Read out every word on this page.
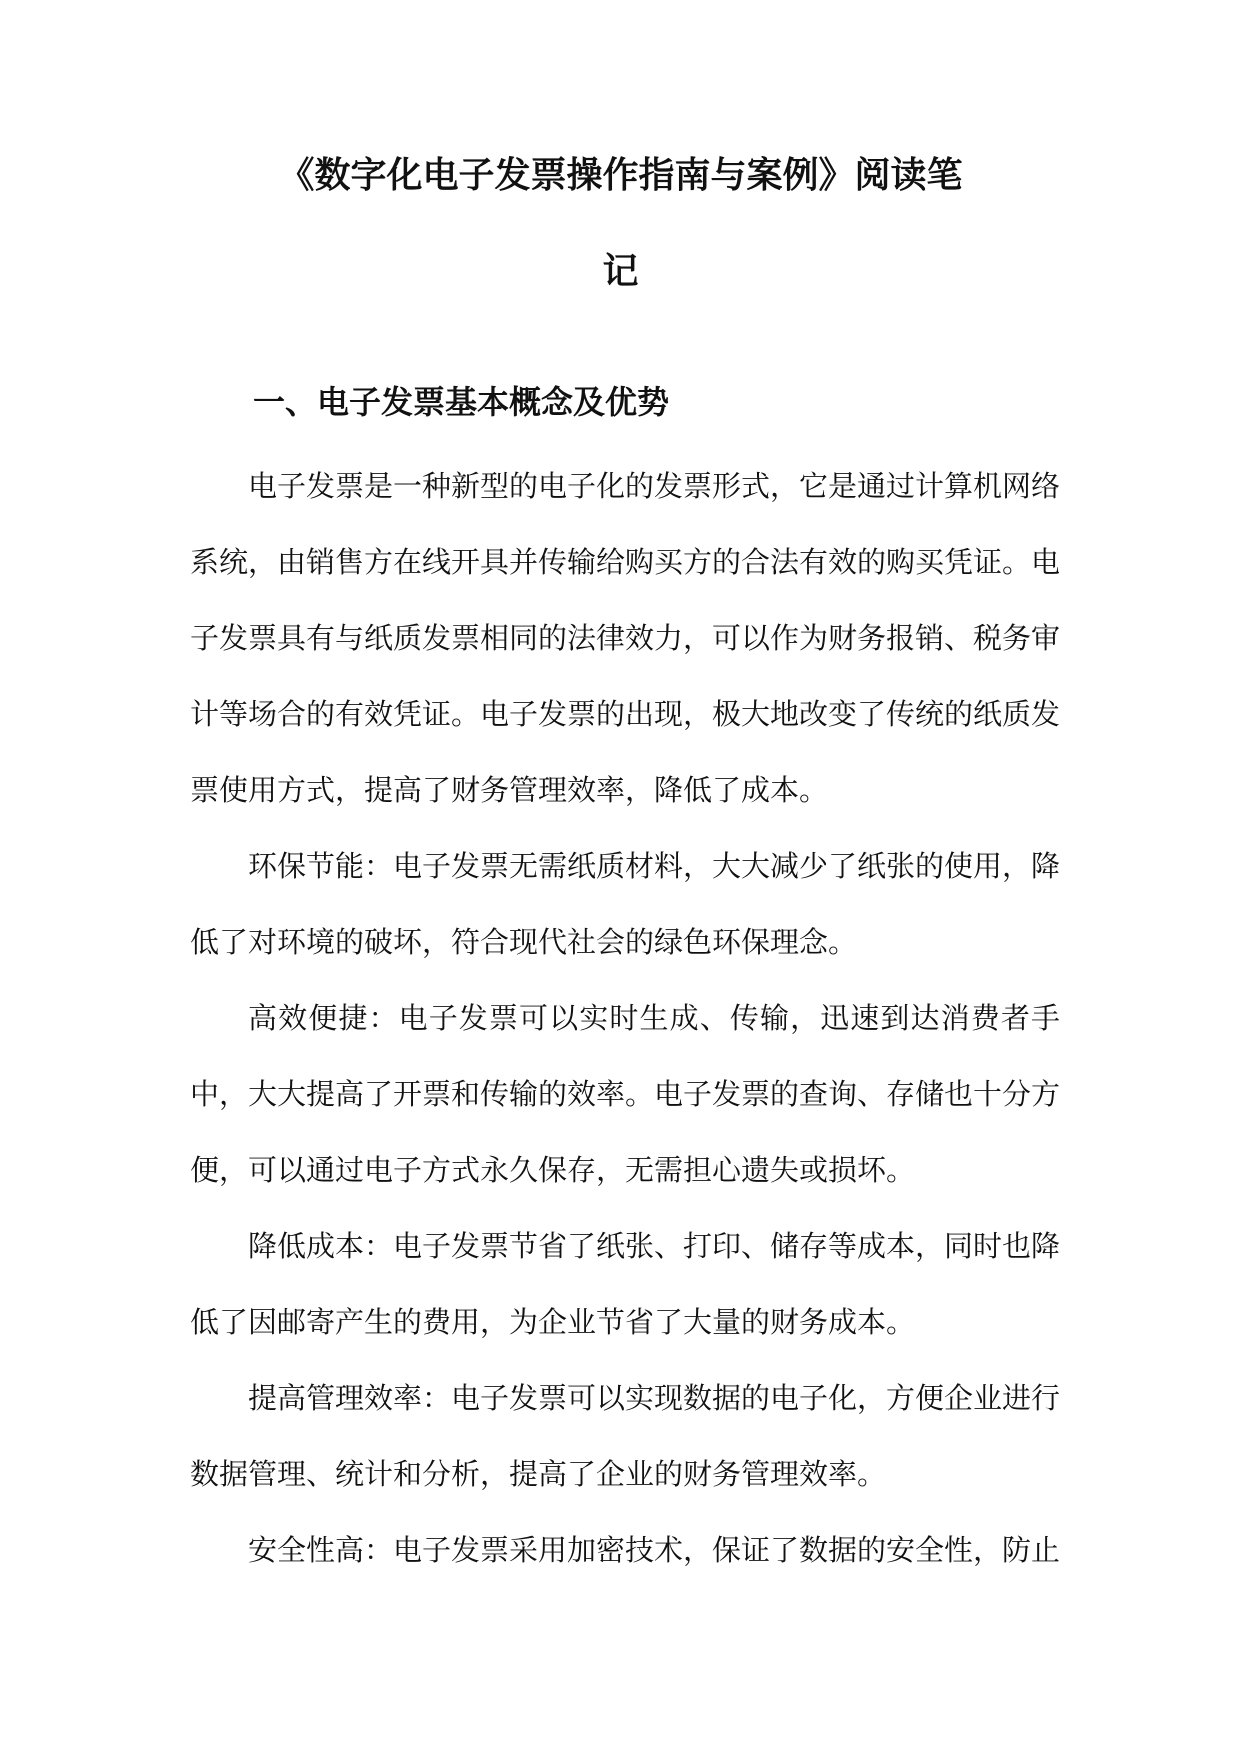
《数字化电子发票操作指南与案例》阅读笔
记
一、电子发票基本概念及优势

电子发票是一种新型的电子化的发票形式，它是通过计算机网络系统，由销售方在线开具并传输给购买方的合法有效的购买凭证。电子发票具有与纸质发票相同的法律效力，可以作为财务报销、税务审计等场合的有效凭证。电子发票的出现，极大地改变了传统的纸质发票使用方式，提高了财务管理效率，降低了成本。

环保节能：电子发票无需纸质材料，大大减少了纸张的使用，降低了对环境的破坏，符合现代社会的绿色环保理念。

高效便捷：电子发票可以实时生成、传输，迅速到达消费者手中，大大提高了开票和传输的效率。电子发票的查询、存储也十分方便，可以通过电子方式永久保存，无需担心遗失或损坏。

降低成本：电子发票节省了纸张、打印、储存等成本，同时也降低了因邮寄产生的费用，为企业节省了大量的财务成本。

提高管理效率：电子发票可以实现数据的电子化，方便企业进行数据管理、统计和分析，提高了企业的财务管理效率。

安全性高：电子发票采用加密技术，保证了数据的安全性，防止
